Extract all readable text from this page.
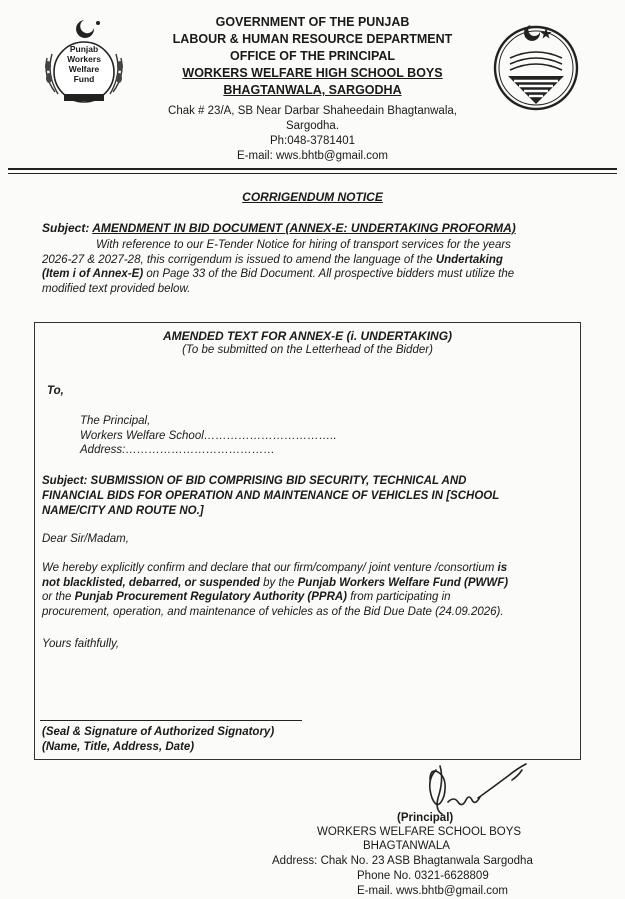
Punjab
Workers
Welfare
Fund
GOVERNMENT OF THE PUNJAB
LABOUR & HUMAN RESOURCE DEPARTMENT
OFFICE OF THE PRINCIPAL
WORKERS WELFARE HIGH SCHOOL BOYS
BHAGTANWALA, SARGODHA
Chak # 23/A, SB Near Darbar Shaheedain Bhagtanwala,
Sargodha.
Ph:048-3781401
E-mail: wws.bhtb@gmail.com
CORRIGENDUM NOTICE
Subject: AMENDMENT IN BID DOCUMENT (ANNEX-E: UNDERTAKING PROFORMA)
With reference to our E-Tender Notice for hiring of transport services for the years
2026-27 & 2027-28, this corrigendum is issued to amend the language of the Undertaking
(Item i of Annex-E) on Page 33 of the Bid Document. All prospective bidders must utilize the
modified text provided below.
AMENDED TEXT FOR ANNEX-E (i. UNDERTAKING)
(To be submitted on the Letterhead of the Bidder)
To,
The Principal,
Workers Welfare School……………………………..
Address:…………………………………
Subject: SUBMISSION OF BID COMPRISING BID SECURITY, TECHNICAL AND
FINANCIAL BIDS FOR OPERATION AND MAINTENANCE OF VEHICLES IN [SCHOOL
NAME/CITY AND ROUTE NO.]
Dear Sir/Madam,
We hereby explicitly confirm and declare that our firm/company/ joint venture /consortium is
not blacklisted, debarred, or suspended by the Punjab Workers Welfare Fund (PWWF)
or the Punjab Procurement Regulatory Authority (PPRA) from participating in
procurement, operation, and maintenance of vehicles as of the Bid Due Date (24.09.2026).
Yours faithfully,
(Seal & Signature of Authorized Signatory)
(Name, Title, Address, Date)
(Principal)
WORKERS WELFARE SCHOOL BOYS
BHAGTANWALA
Address: Chak No. 23 ASB Bhagtanwala Sargodha
Phone No. 0321-6628809
E-mail. wws.bhtb@gmail.com
